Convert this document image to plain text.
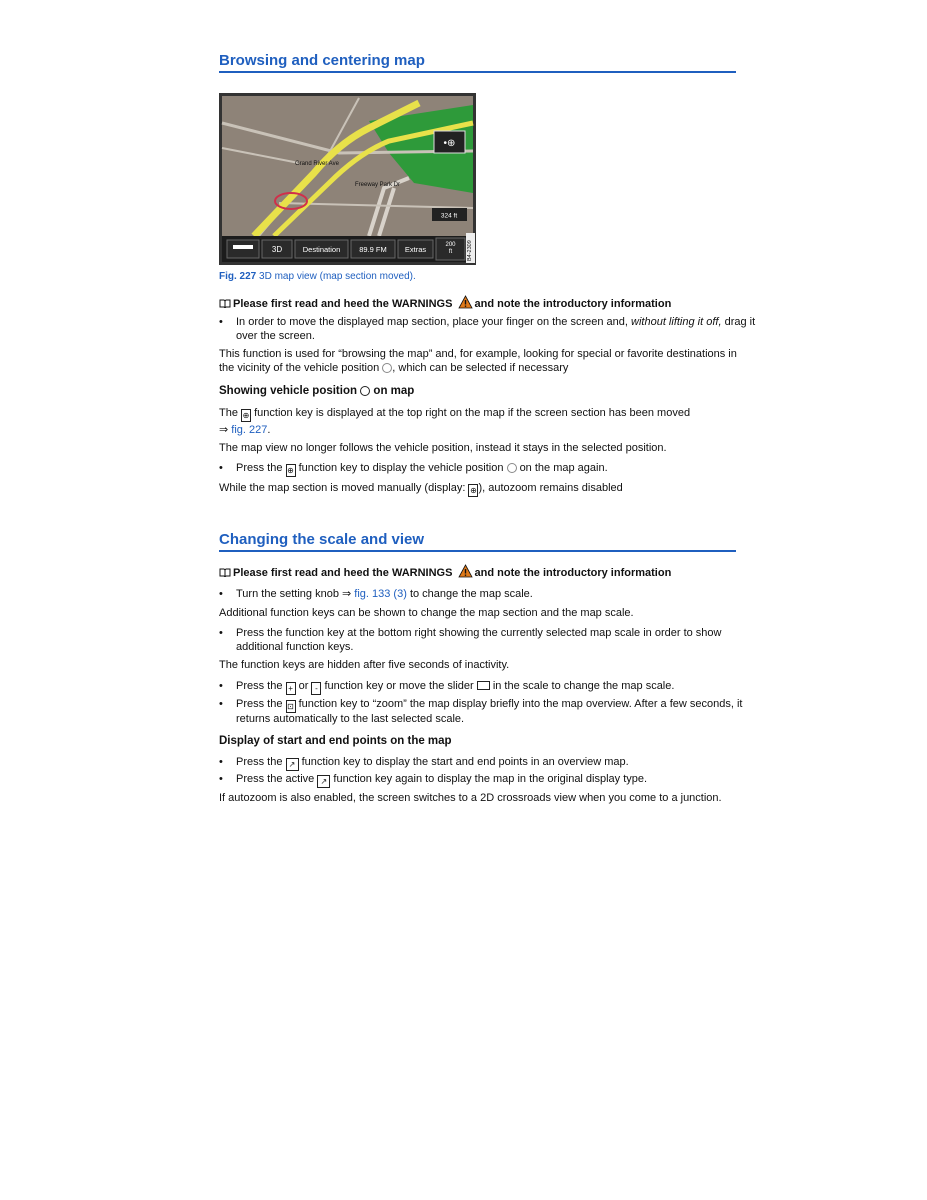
Browsing and centering map
•⊕
Grand River Ave
Freeway Park Dr
324 ft
3D	Destination	89.9 FM Extras	200
ft	B4-2309
Fig. 227 3D map view (map section moved).

Please first read and heed the WARNINGS and note the introductory information

• In order to move the displayed map section, place your finger on the screen and, without lifting it off, drag it over the screen.

This function is used for “browsing the map” and, for example, looking for special or favorite destinations in the vicinity of the vehicle position , which can be selected if necessary

Showing vehicle position on map

The ⊕ function key is displayed at the top right on the map if the screen section has been moved
⇒ fig. 227.

The map view no longer follows the vehicle position, instead it stays in the selected position.

• Press the ⊕ function key to display the vehicle position on the map again.

While the map section is moved manually (display: ⊕ ), autozoom remains disabled

Changing the scale and view

Please first read and heed the WARNINGS and note the introductory information

• Turn the setting knob ⇒ fig. 133 (3) to change the map scale.

Additional function keys can be shown to change the map section and the map scale.

• Press the function key at the bottom right showing the currently selected map scale in order to show additional function keys.

The function keys are hidden after five seconds of inactivity.

• Press the + or - function key or move the slider in the scale to change the map scale.

• Press the ⊡ function key to “zoom” the map display briefly into the map overview. After a few seconds, it returns automatically to the last selected scale.

Display of start and end points on the map

• Press the ↗ function key to display the start and end points in an overview map.

• Press the active ↗ function key again to display the map in the original display type.

If autozoom is also enabled, the screen switches to a 2D crossroads view when you come to a junction.
